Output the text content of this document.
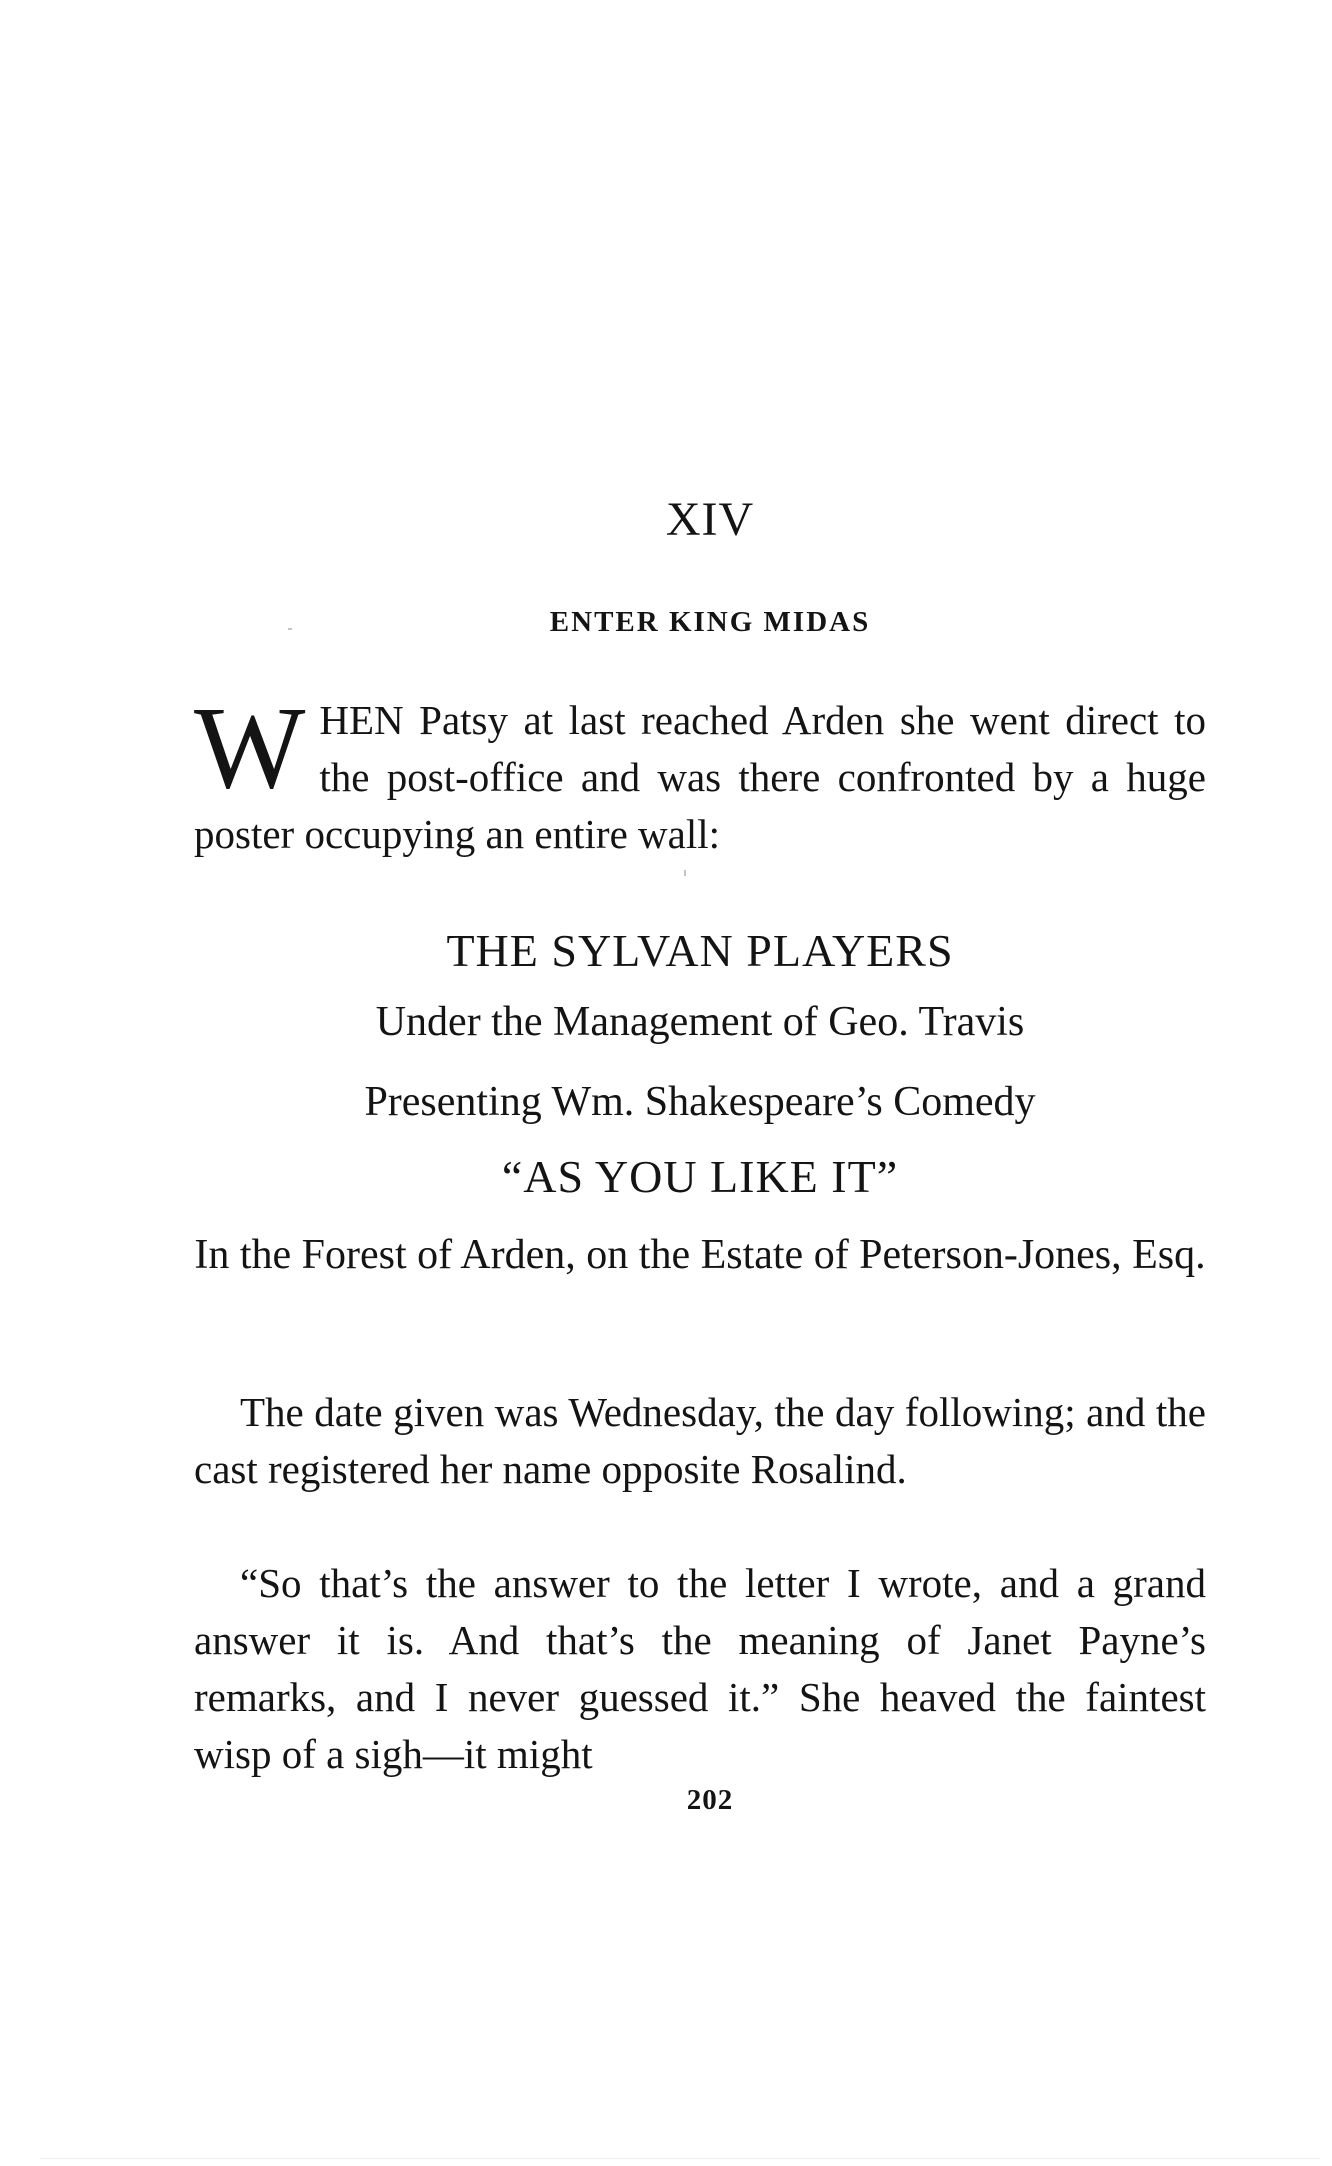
XIV
ENTER KING MIDAS
WHEN Patsy at last reached Arden she went direct to the post-office and was there confronted by a huge poster occupying an entire wall:
THE SYLVAN PLAYERS
Under the Management of Geo. Travis
Presenting Wm. Shakespeare’s Comedy
“AS YOU LIKE IT”
In the Forest of Arden, on the Estate of Peterson-Jones, Esq.

The date given was Wednesday, the day following; and the cast registered her name opposite Rosalind.

“So that’s the answer to the letter I wrote, and a grand answer it is. And that’s the meaning of Janet Payne’s remarks, and I never guessed it.” She heaved the faintest wisp of a sigh—it might

202
